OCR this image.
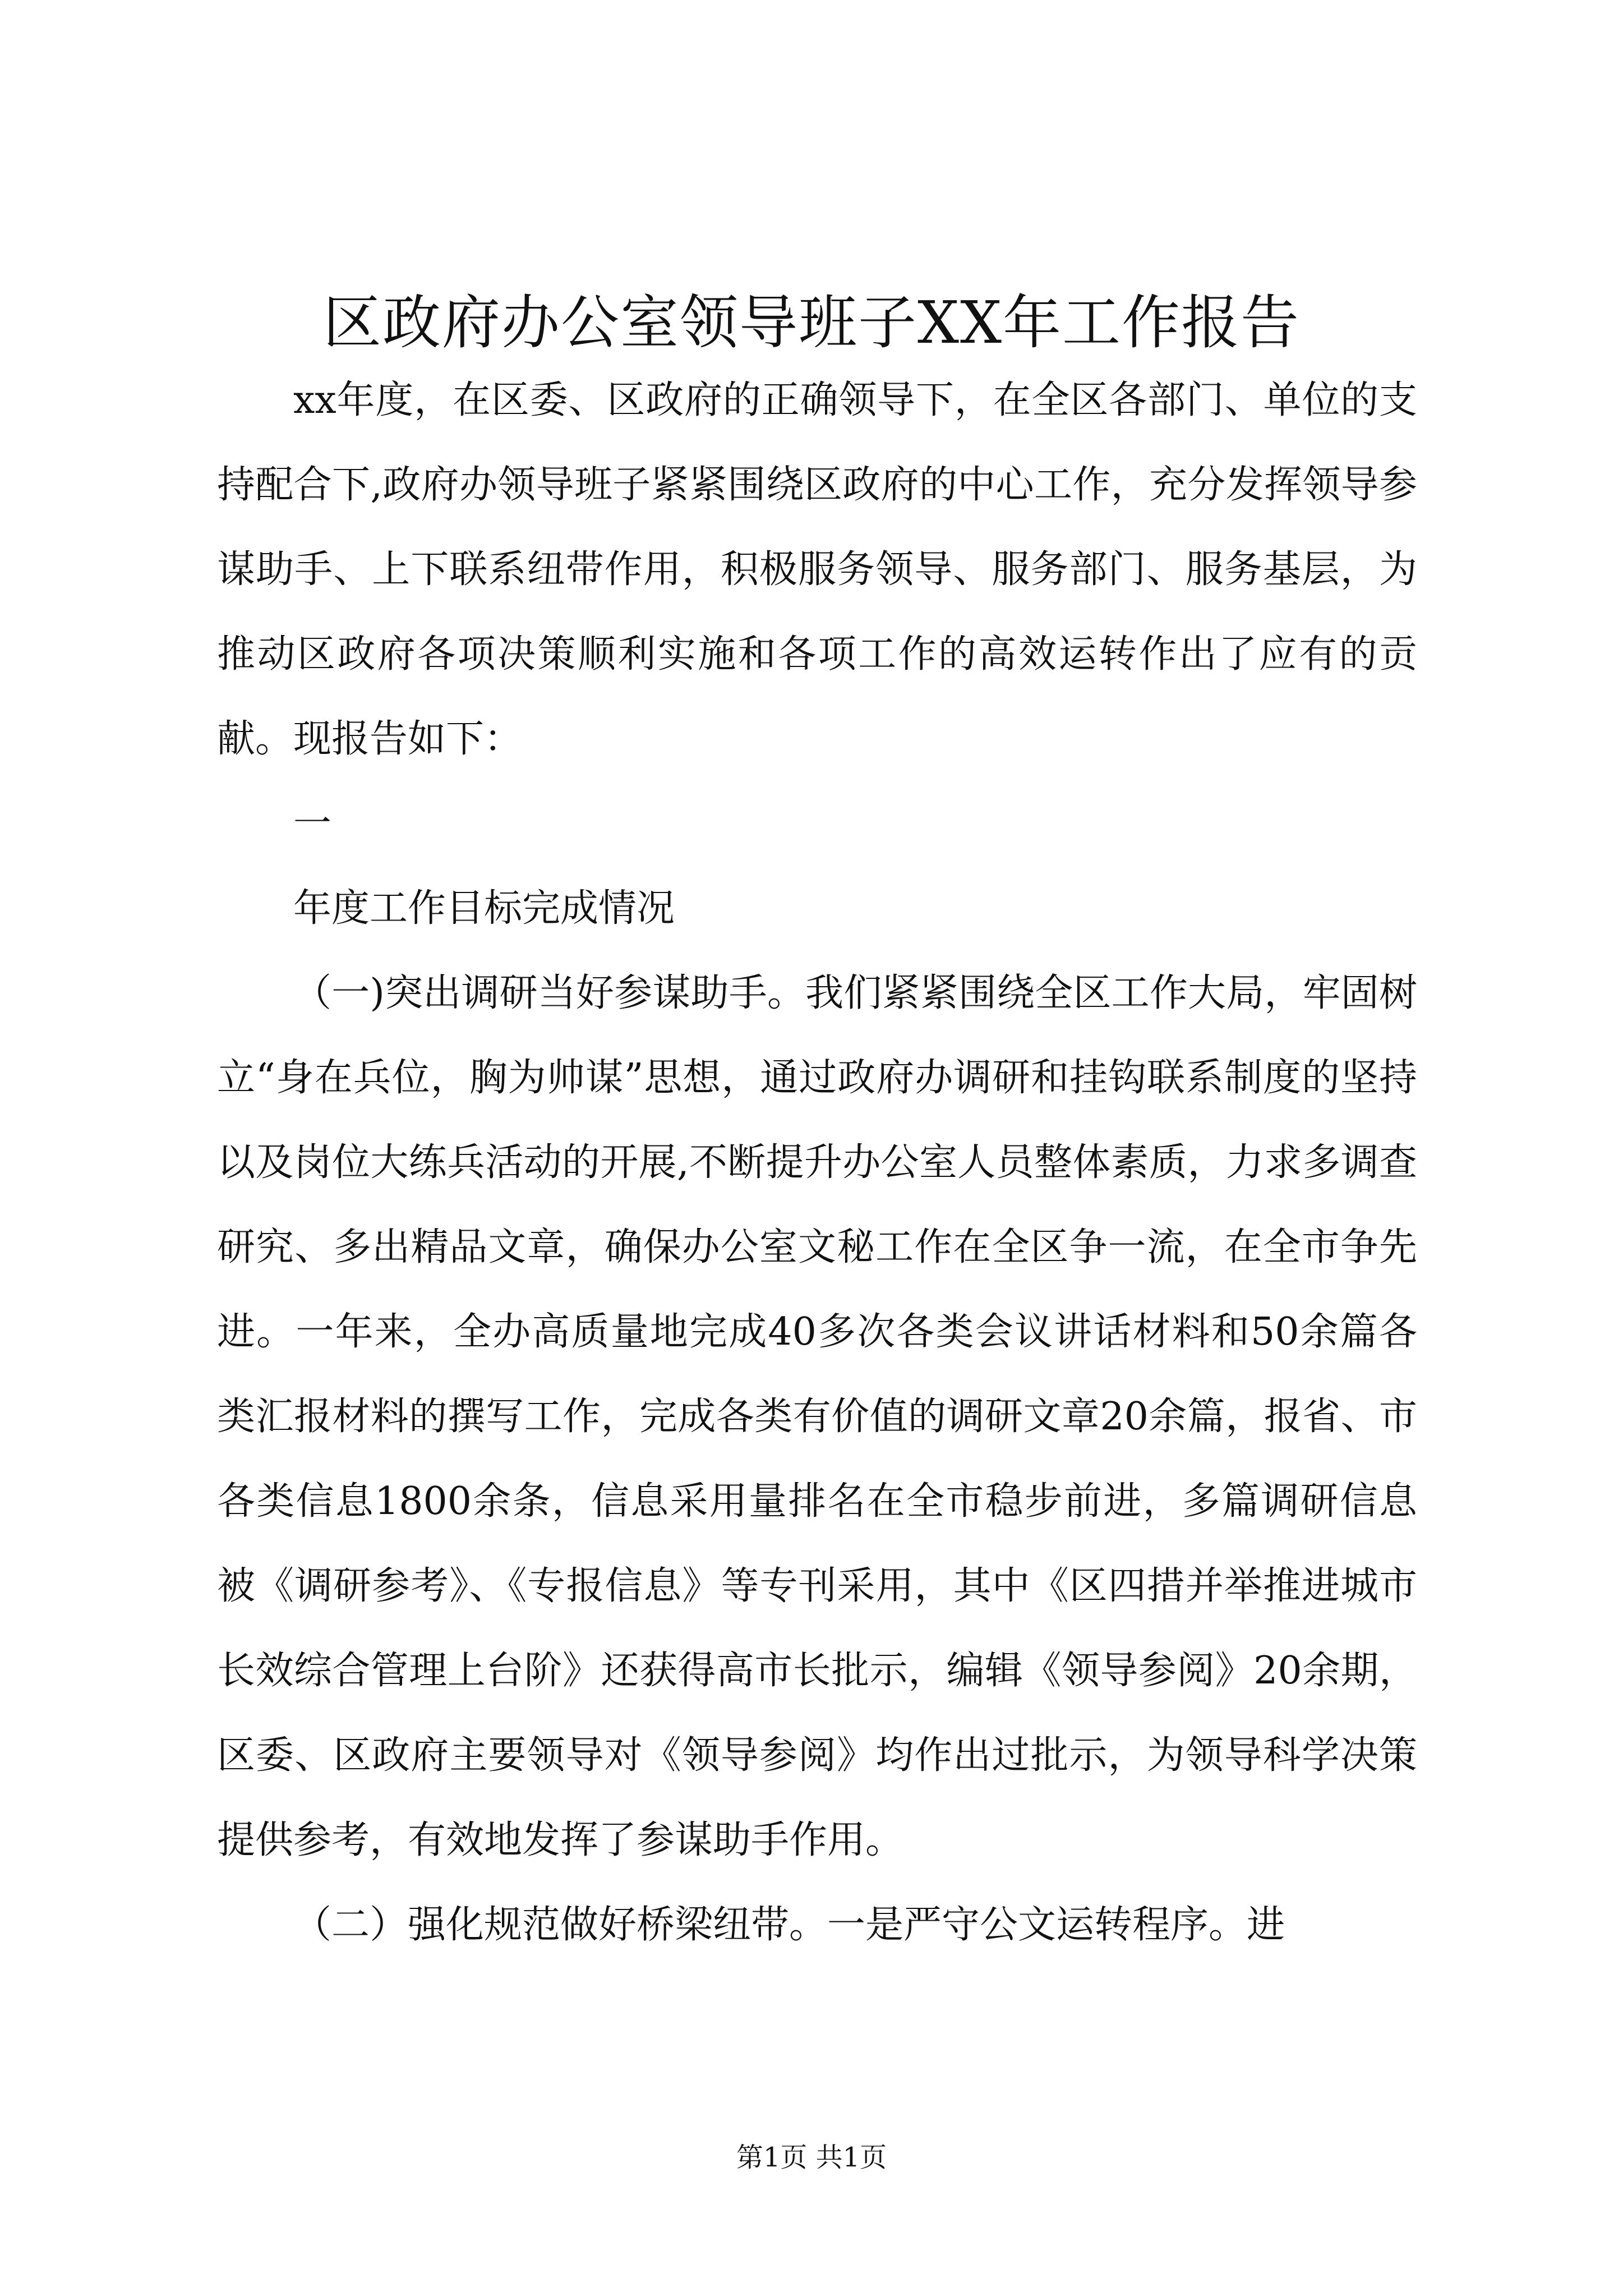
区政府办公室领导班子XX年工作报告

xx年度，在区委、区政府的正确领导下，在全区各部门、单位的支持配合下,政府办领导班子紧紧围绕区政府的中心工作，充分发挥领导参谋助手、上下联系纽带作用，积极服务领导、服务部门、服务基层，为推动区政府各项决策顺利实施和各项工作的高效运转作出了应有的贡献。现报告如下：

一

年度工作目标完成情况

（一)突出调研当好参谋助手。我们紧紧围绕全区工作大局，牢固树立“身在兵位，胸为帅谋”思想，通过政府办调研和挂钩联系制度的坚持以及岗位大练兵活动的开展,不断提升办公室人员整体素质，力求多调查研究、多出精品文章，确保办公室文秘工作在全区争一流，在全市争先进。一年来，全办高质量地完成40多次各类会议讲话材料和50余篇各类汇报材料的撰写工作，完成各类有价值的调研文章20余篇，报省、市各类信息1800余条，信息采用量排名在全市稳步前进，多篇调研信息被《调研参考》、《专报信息》等专刊采用，其中《区四措并举推进城市长效综合管理上台阶》还获得高市长批示，编辑《领导参阅》20余期，区委、区政府主要领导对《领导参阅》均作出过批示，为领导科学决策提供参考，有效地发挥了参谋助手作用。

（二）强化规范做好桥梁纽带。一是严守公文运转程序。进

第1页 共1页
